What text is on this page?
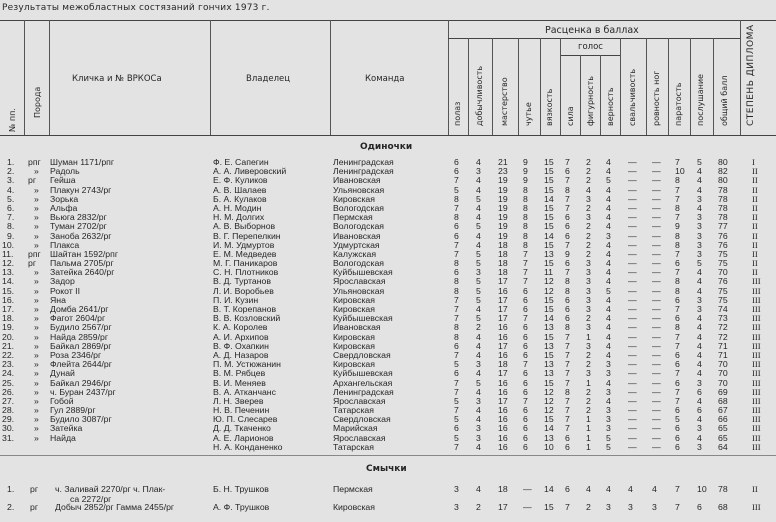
Результаты межобластных состязаний гончих 1973 г.
№ пп.
Порода
Кличка и № ВРКОСа	Владелец	Команда
Расценка в баллах
голос
полаз добычливость мастерство чутье вязкость сила фигурность верность свальчивость ровность ног паратость послушание общий балл СТЕПЕНЬ ДИПЛОМА
Одиночки
1. рпг Шуман 1171/рпг	Ф. Е. Сапегин	Ленинградская	6 4 21 9 15 7 2 4 — — 7 5 80	I
2. » Радоль	А. А. Ливеровский	Ленинградская	6 3 23 9 15 6 2 4 — — 10 4 82	II
3. рг Гейша	Е. Ф. Куликов	Ивановская	7 4 19 9 15 7 2 5 — — 8 4 80	II
4. » Плакун 2743/рг	А. В. Шалаев	Ульяновская	5 4 19 8 15 8 4 4 — — 7 4 78	II
5. » Зорька	Б. А. Кулаков	Кировская	8 5 19 8 14 7 3 4 — — 7 3 78	II
6. » Альфа	А. Н. Модин	Вологодская	7 4 19 8 15 7 2 4 — — 8 4 78	II
7. » Вьюга 2832/рг	Н. М. Долгих	Пермская	8 4 19 8 15 6 3 4 — — 7 3 78	II
8. » Туман 2702/рг	А. В. Выборнов	Вологодская	6 5 19 8 15 6 2 4 — — 9 3 77	II
9. » Заноба 2632/рг	В. Г. Перепелкин	Ивановская	6 4 19 8 14 6 2 3 — — 8 3 76	II
10. » Плакса	И. М. Удмуртов	Удмуртская	7 4 18 8 15 7 2 4 — — 8 3 76	II
11. рпг Шайтан 1592/рпг	Е. М. Медведев	Калужская	7 5 18 7 13 9 2 4 — — 7 3 75	II
12. рг Пальма 2705/рг	М. Г. Паникаров	Вологодская	8 5 18 7 15 6 3 4 — — 6 5 75	II
13. » Затейка 2640/рг	С. Н. Плотников	Куйбышевская	6 3 18 7 11 7 3 4 — — 7 4 70	II
14. » Задор	В. Д. Туртанов	Ярославская	8 5 17 7 12 8 3 4 — — 8 4 76	III
15. » Рокот II	Л. И. Воробьев	Ульяновская	8 5 16 6 12 8 3 5 — — 8 4 75	III
16. » Яна	П. И. Кузин	Кировская	7 5 17 6 15 6 3 4 — — 6 3 75	III
17. » Домба 2641/рг	В. Т. Корепанов	Кировская	7 4 17 6 15 6 3 4 — — 7 3 74	III
18. » Фагот 2604/рг	В. В. Козловский	Куйбышевская	7 5 17 7 14 6 2 4 — — 6 4 73	III
19. » Будило 2567/рг	К. А. Королев	Ивановская	8 2 16 6 13 8 3 4 — — 8 4 72	III
20. » Найда 2859/рг	А. И. Архипов	Кировская	8 4 16 6 15 7 1 4 — — 7 4 72	III
21. » Байкал 2869/рг	В. Ф. Охапкин	Кировская	6 4 17 6 13 7 3 4 — — 7 4 71	III
22. » Роза 2346/рг	А. Д. Назаров	Свердловская	7 4 16 6 15 7 2 4 — — 6 4 71	III
23. » Флейта 2644/рг	П. М. Устюжанин	Кировская	5 3 18 7 13 7 2 3 — — 6 4 70	III
24. » Дунай	В. М. Рябцев	Куйбышевская	6 4 17 6 13 7 3 3 — — 7 4 70	III
25. » Байкал 2946/рг	В. И. Меняев	Архангельская	7 5 16 6 15 7 1 4 — — 6 3 70	III
26. » ч. Буран 2437/рг	В. А. Атканчанс	Ленинградская	7 4 16 6 12 8 2 3 — — 7 6 69	III
27. » Гобой	Л. Н. Зверев	Ярославская	5 3 17 7 12 7 2 4 — — 7 4 68	III
28. » Гул 2889/рг	Н. В. Печенин	Татарская	7 4 16 6 12 7 2 3 — — 6 6 67	III
29. » Будило 3087/рг	Ю. П. Слесарев	Свердловская	5 4 16 6 15 7 1 3 — — 5 4 66	III
30. » Затейка	Д. Д. Ткаченко	Марийская	6 3 16 6 14 7 1 3 — — 6 3 65	III
31. » Найда	А. Е. Ларионов	Ярославская	5 3 16 6 13 6 1 5 — — 6 4 65	III
Н. А. Конданенко	Татарская	7 4 16 6 10 6 1 5 — — 6 3 64	III
Смычки
1. рг ч. Заливай 2270/рг ч. Плак-
са 2272/рг
Б. Н. Трушков	Пермская	3 4 18 — 14 6 4 4 4 4 7 10 78	II
2. рг Добыч 2852/рг Гамма 2455/рг	А. Ф. Трушков	Кировская	3 2 17 — 15 7 2 3 3 3 7 6 68	III
